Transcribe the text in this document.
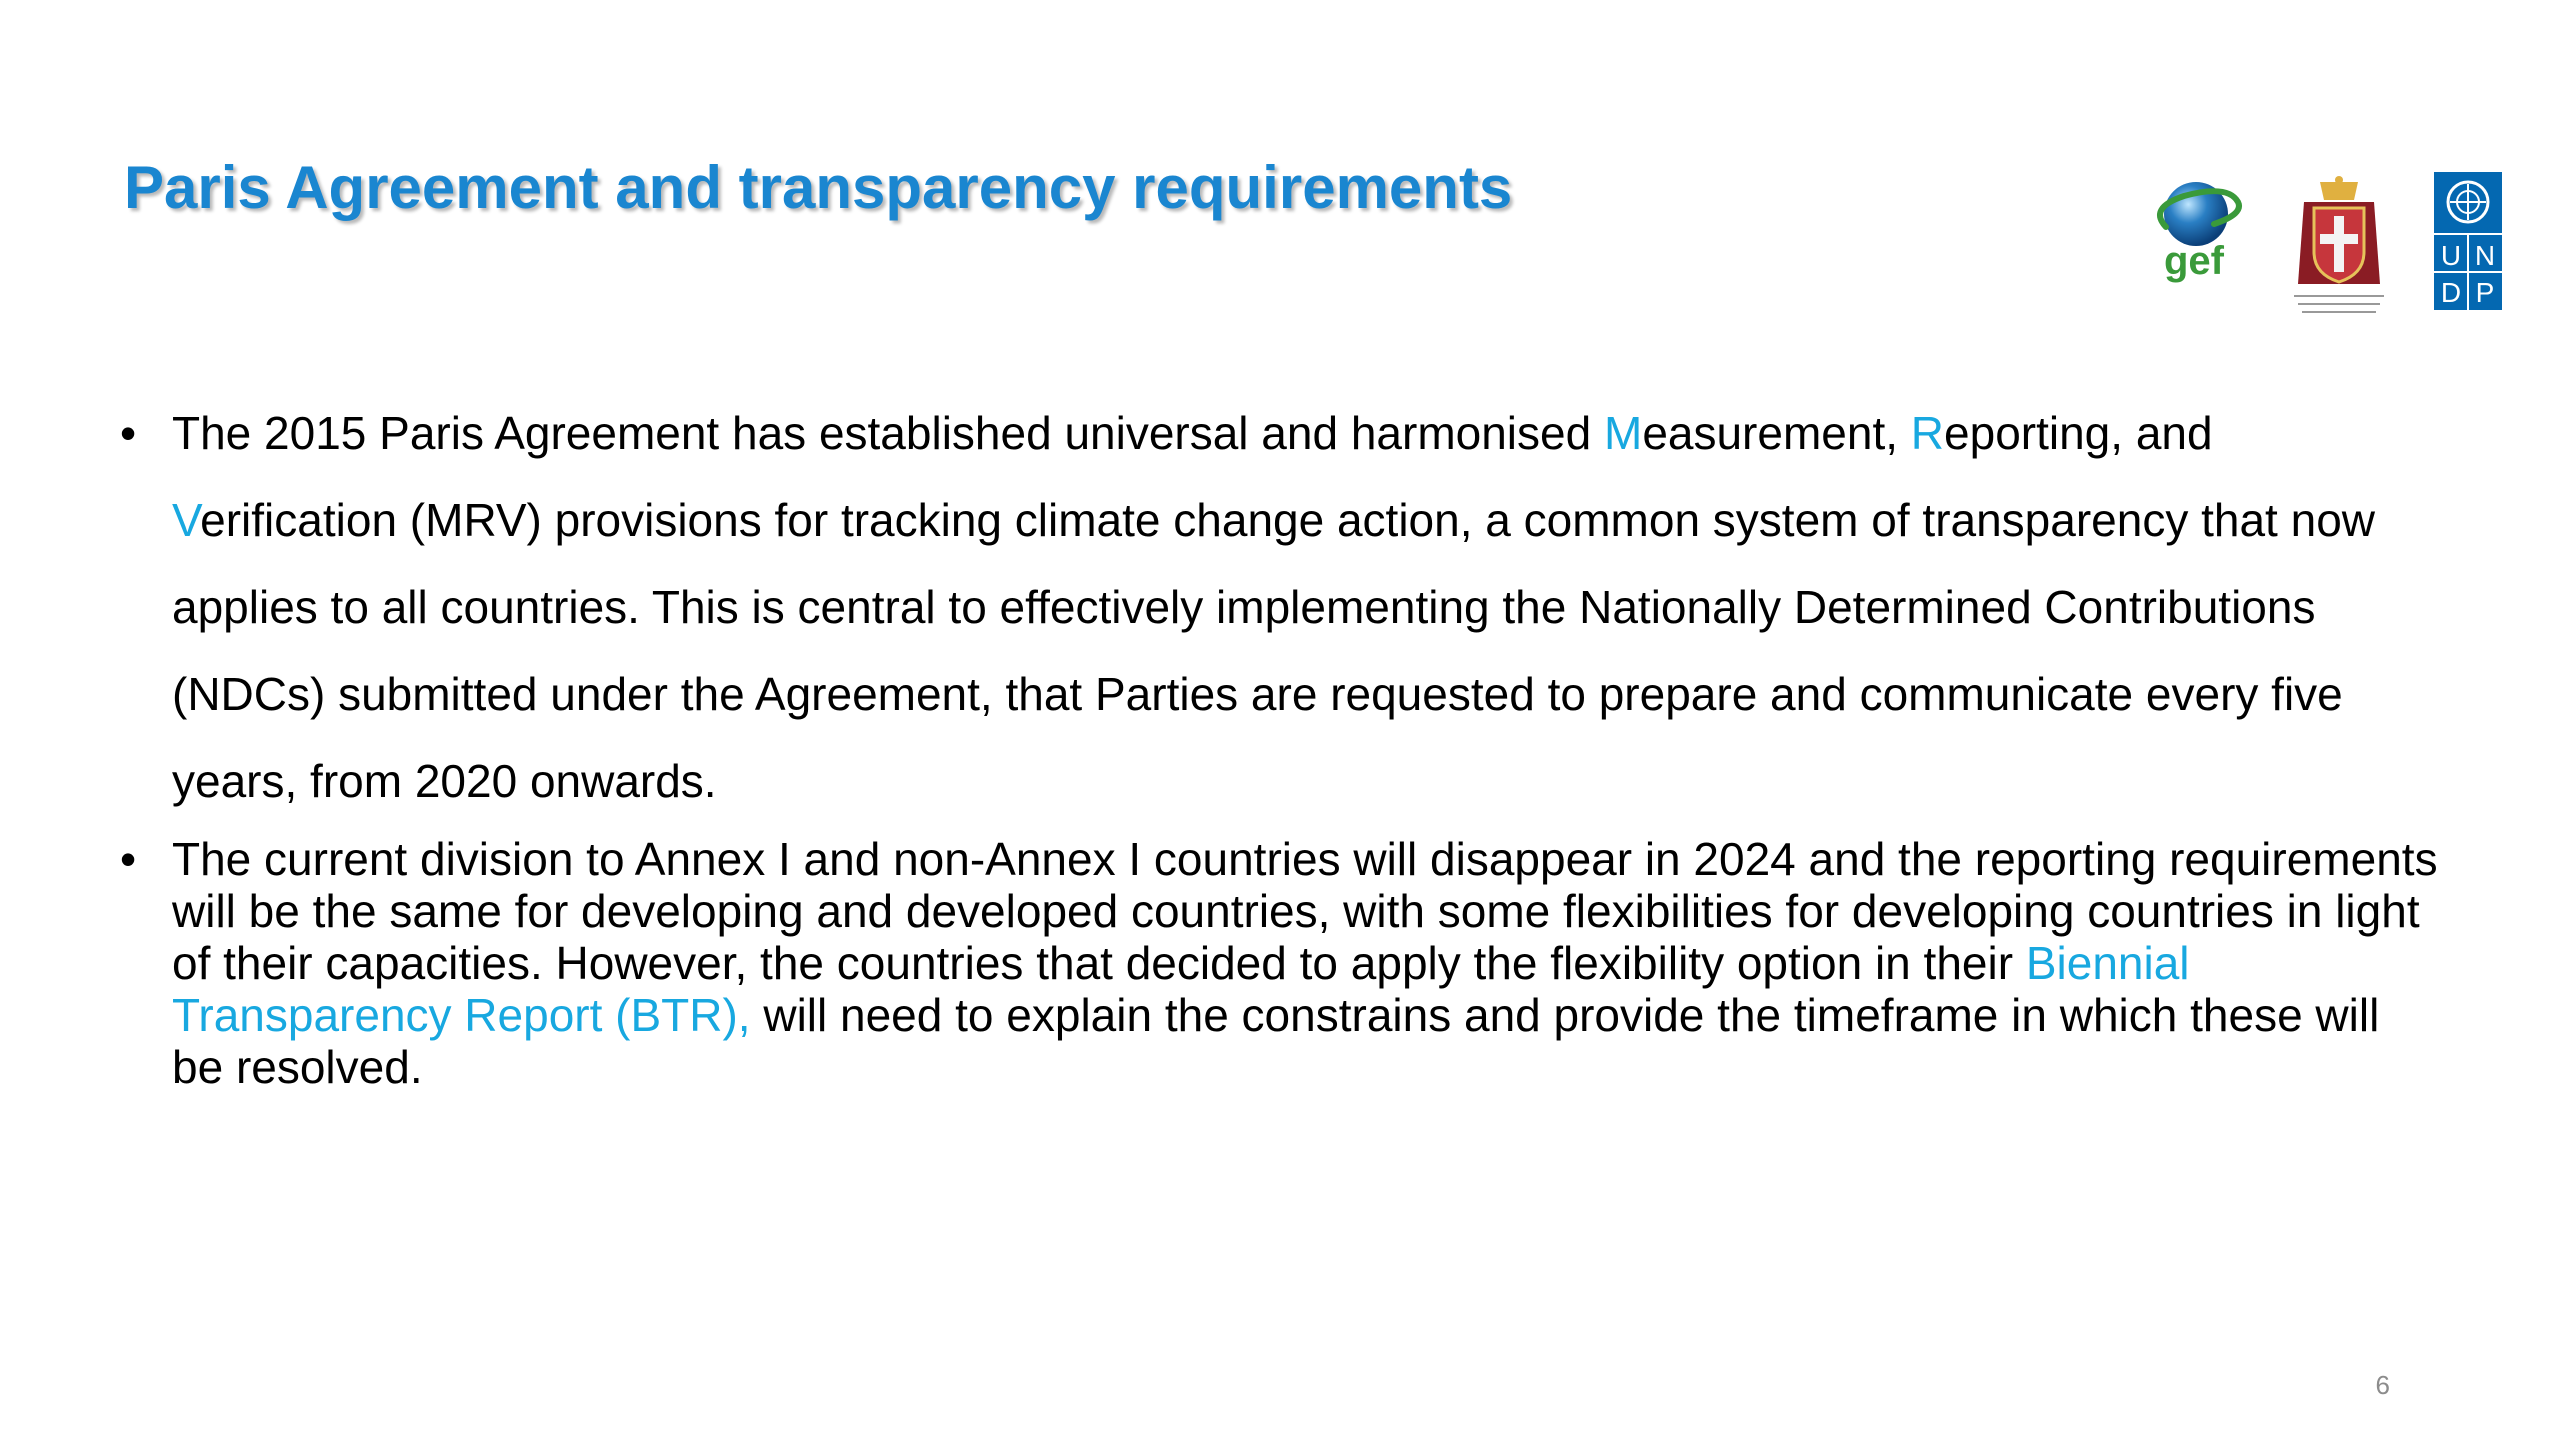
Paris Agreement and transparency requirements
gef	U N
D P

• The 2015 Paris Agreement has established universal and harmonised Measurement, Reporting, and
Verification (MRV) provisions for tracking climate change action, a common system of transparency that now applies to all countries. This is central to effectively implementing the Nationally Determined Contributions (NDCs) submitted under the Agreement, that Parties are requested to prepare and communicate every five years, from 2020 onwards.

• The current division to Annex I and non-Annex I countries will disappear in 2024 and the reporting requirements will be the same for developing and developed countries, with some flexibilities for developing countries in light of their capacities. However, the countries that decided to apply the flexibility option in their Biennial Transparency Report (BTR), will need to explain the constrains and provide the timeframe in which these will be resolved.

6
